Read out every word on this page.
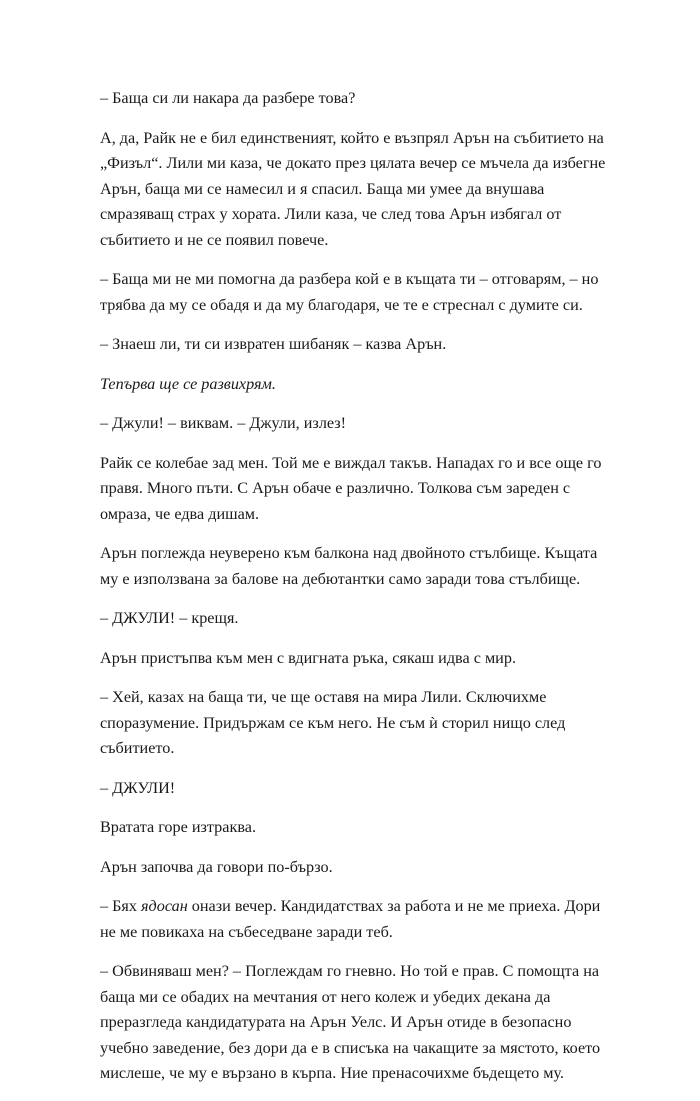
– Баща си ли накара да разбере това?

А, да, Райк не е бил единственият, който е възпрял Арън на събитието на „Физъл“. Лили ми каза, че докато през цялата вечер се мъчела да избегне Арън, баща ми се намесил и я спасил. Баща ми умее да внушава смразяващ страх у хората. Лили каза, че след това Арън избягал от събитието и не се появил повече.

– Баща ми не ми помогна да разбера кой е в къщата ти – отговарям, – но трябва да му се обадя и да му благодаря, че те е стреснал с думите си.

– Знаеш ли, ти си извратен шибаняк – казва Арън.

Тепърва ще се развихрям.

– Джули! – виквам. – Джули, излез!

Райк се колебае зад мен. Той ме е виждал такъв. Нападах го и все още го правя. Много пъти. С Арън обаче е различно. Толкова съм зареден с омраза, че едва дишам.

Арън поглежда неуверено към балкона над двойното стълбище. Къщата му е използвана за балове на дебютантки само заради това стълбище.

– ДЖУЛИ! – крещя.

Арън пристъпва към мен с вдигната ръка, сякаш идва с мир.

– Хей, казах на баща ти, че ще оставя на мира Лили. Сключихме споразумение. Придържам се към него. Не съм ѝ сторил нищо след събитието.

– ДЖУЛИ!

Вратата горе изтраква.

Арън започва да говори по-бързо.

– Бях ядосан онази вечер. Кандидатствах за работа и не ме приеха. Дори не ме повикаха на събеседване заради теб.

– Обвиняваш мен? – Поглеждам го гневно. Но той е прав. С помощта на баща ми се обадих на мечтания от него колеж и убедих декана да преразгледа кандидатурата на Арън Уелс. И Арън отиде в безопасно учебно заведение, без дори да е в списъка на чакащите за мястото, което мислеше, че му е вързано в кърпа. Ние пренасочихме бъдещето му.
